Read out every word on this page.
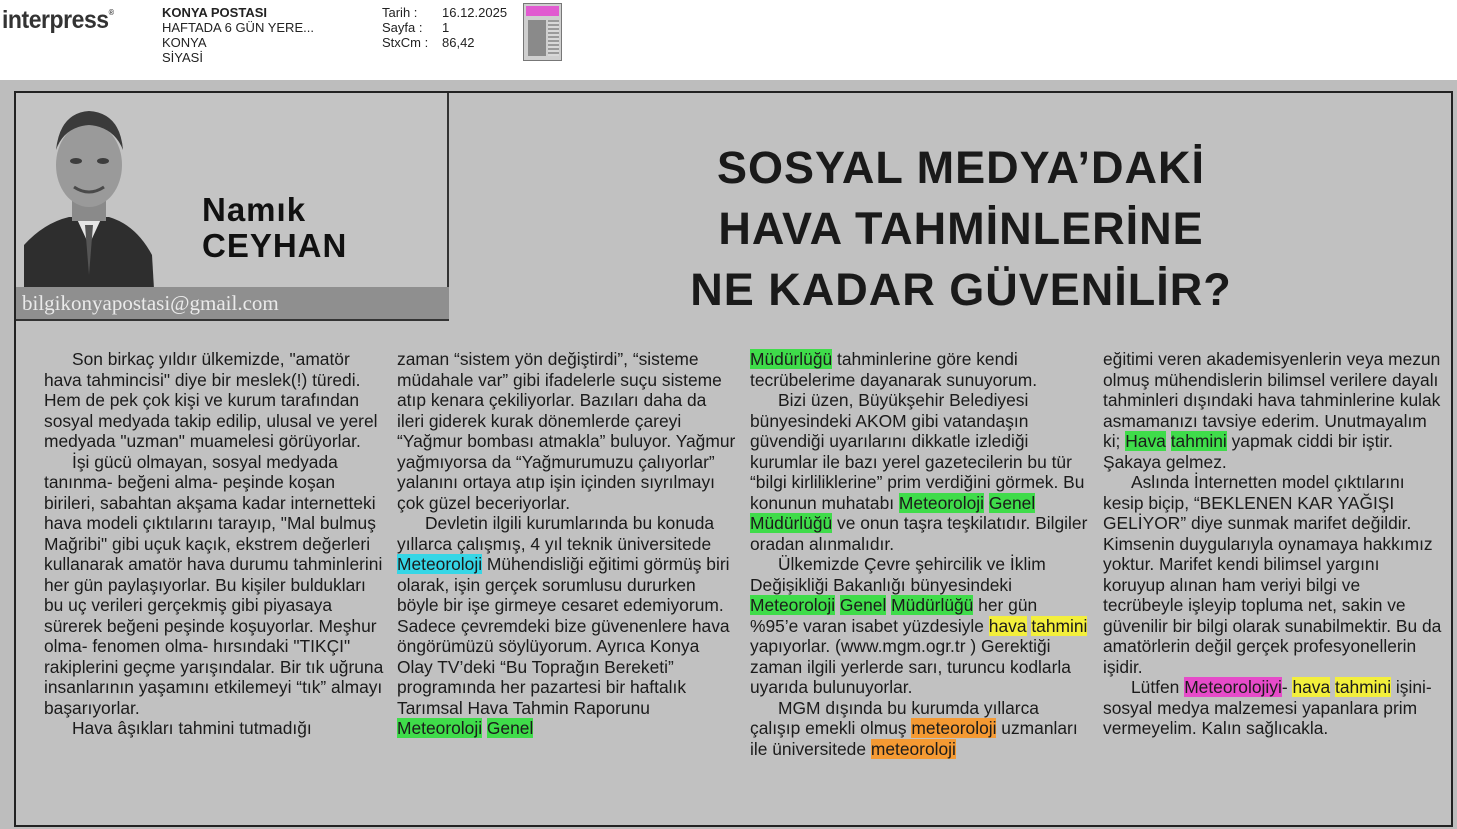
interpress®	KONYA POSTASI
HAFTADA 6 GÜN YERE...
KONYA
SİYASİ
Tarih :	16.12.2025
Sayfa :	1
StxCm :	86,42
Namık
CEYHAN
bilgikonyapostasi@gmail.com
SOSYAL MEDYA’DAKİ
HAVA TAHMİNLERİNE
NE KADAR GÜVENİLİR?

Son birkaç yıldır ülkemizde, "amatör hava tahmincisi" diye bir meslek(!) türedi. Hem de pek çok kişi ve kurum tarafından sosyal medyada takip edilip, ulusal ve yerel medyada "uzman" muamelesi görüyorlar.

İşi gücü olmayan, sosyal medyada tanınma- beğeni alma- peşinde koşan birileri, sabahtan akşama kadar internetteki hava modeli çıktılarını tarayıp, "Mal bulmuş Mağribi" gibi uçuk kaçık, ekstrem değerleri kullanarak amatör hava durumu tahminlerini her gün paylaşıyorlar. Bu kişiler buldukları bu uç verileri gerçekmiş gibi piyasaya sürerek beğeni peşinde koşuyorlar. Meşhur olma- fenomen olma- hırsındaki "TIKÇI" rakiplerini geçme yarışındalar. Bir tık uğruna insanlarının yaşamını etkilemeyi “tık” almayı başarıyorlar.

Hava âşıkları tahmini tutmadığı

zaman “sistem yön değiştirdi”, “sisteme müdahale var” gibi ifadelerle suçu sisteme atıp kenara çekiliyorlar. Bazıları daha da ileri giderek kurak dönemlerde çareyi “Yağmur bombası atmakla” buluyor. Yağmur yağmıyorsa da “Yağmurumuzu çalıyorlar” yalanını ortaya atıp işin içinden sıyrılmayı çok güzel beceriyorlar.

Devletin ilgili kurumlarında bu konuda yıllarca çalışmış, 4 yıl teknik üniversitede Meteoroloji Mühendisliği eğitimi görmüş biri olarak, işin gerçek sorumlusu dururken böyle bir işe girmeye cesaret edemiyorum. Sadece çevremdeki bize güvenenlere hava öngörümüzü söylüyorum. Ayrıca Konya Olay TV’deki “Bu Toprağın Bereketi” programında her pazartesi bir haftalık Tarımsal Hava Tahmin Raporunu Meteoroloji Genel

Müdürlüğü tahminlerine göre kendi tecrübelerime dayanarak sunuyorum.

Bizi üzen, Büyükşehir Belediyesi bünyesindeki AKOM gibi vatandaşın güvendiği uyarılarını dikkatle izlediği kurumlar ile bazı yerel gazetecilerin bu tür “bilgi kirliliklerine” prim verdiğini görmek. Bu konunun muhatabı Meteoroloji Genel Müdürlüğü ve onun taşra teşkilatıdır. Bilgiler oradan alınmalıdır.

Ülkemizde Çevre şehircilik ve İklim Değişikliği Bakanlığı bünyesindeki Meteoroloji Genel Müdürlüğü her gün %95’e varan isabet yüzdesiyle hava tahmini yapıyorlar. (www.mgm.ogr.tr ) Gerektiği zaman ilgili yerlerde sarı, turuncu kodlarla uyarıda bulunuyorlar.

MGM dışında bu kurumda yıllarca çalışıp emekli olmuş meteoroloji uzmanları ile üniversitede meteoroloji

eğitimi veren akademisyenlerin veya mezun olmuş mühendislerin bilimsel verilere dayalı tahminleri dışındaki hava tahminlerine kulak asmamanızı tavsiye ederim. Unutmayalım ki; Hava tahmini yapmak ciddi bir iştir. Şakaya gelmez.

Aslında İnternetten model çıktılarını kesip biçip, “BEKLENEN KAR YAĞIŞI GELİYOR” diye sunmak marifet değildir. Kimsenin duygularıyla oynamaya hakkımız yoktur. Marifet kendi bilimsel yargını koruyup alınan ham veriyi bilgi ve tecrübeyle işleyip topluma net, sakin ve güvenilir bir bilgi olarak sunabilmektir. Bu da amatörlerin değil gerçek profesyonellerin işidir.

Lütfen Meteorolojiyi- hava tahmini işini- sosyal medya malzemesi yapanlara prim vermeyelim. Kalın sağlıcakla.
